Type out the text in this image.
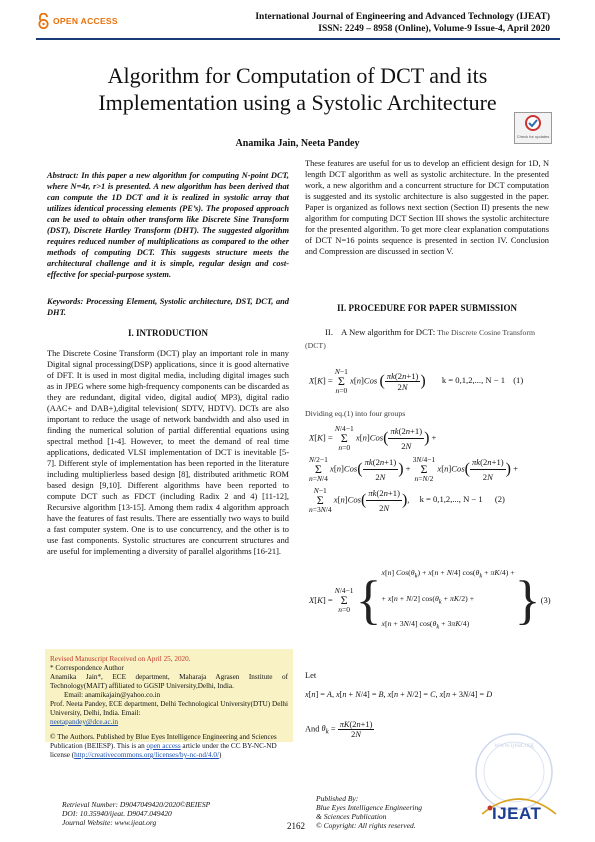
OPEN ACCESS	International Journal of Engineering and Advanced Technology (IJEAT)
ISSN: 2249 – 8958 (Online), Volume-9 Issue-4, April 2020
Algorithm for Computation of DCT and its
Implementation using a Systolic Architecture
Check for updates
Anamika Jain, Neeta Pandey
Abstract: In this paper a new algorithm for computing N-point DCT, where N=4r, r>1 is presented. A new algorithm has been derived that can compute the 1D DCT and it is realized in systolic array that utilizes identical processing elements (PE’s). The proposed approach can be used to obtain other transform like Discrete Sine Transform (DST), Discrete Hartley Transform (DHT). The suggested algorithm requires reduced number of multiplications as compared to the other methods of computing DCT. This suggests structure meets the architectural challenge and it is simple, regular design and cost-effective for special-purpose system.
Keywords: Processing Element, Systolic architecture, DST, DCT, and DHT.
I. INTRODUCTION
The Discrete Cosine Transform (DCT) play an important role in many Digital signal processing(DSP) applications, since it is good alternative of DFT. It is used in most digital media, including digital images such as in JPEG where some high-frequency components can be discarded as they are redundant, digital video, digital audio( MP3), digital radio (AAC+ and DAB+),digital television( SDTV, HDTV). DCTs are also important to reduce the usage of network bandwidth and also used in finding the numerical solution of partial differential equations using spectral method [1-4]. However, to meet the demand of real time applications, dedicated VLSI implementation of DCT is inevitable [5-7]. Different style of implementation has been reported in the literature including multiplierless based design [8], distributed arithmetic ROM based design [9,10]. Different algorithms have been reported to compute DCT such as FDCT (including Radix 2 and 4) [11-12], Recursive algorithm [13-15]. Among them radix 4 algorithm approach have the features of fast results. There are essentially two ways to build a fast computer system. One is to use concurrency, and the other is to use fast components. Systolic structures are concurrent structures and are useful for implementing a diversity of parallel algorithms [16-21].
Revised Manuscript Received on April 25, 2020.
* Correspondence Author
Anamika Jain*, ECE department, Maharaja Agrasen Institute of Technology(MAIT) affiliated to GGSIP University,Delhi, India.
Email: anamikajain@yahoo.co.in
Prof. Neeta Pandey, ECE department, Delhi Technological University(DTU) Delhi University, Delhi, India. Email:
neetapandey@dce.ac.in
© The Authors. Published by Blue Eyes Intelligence Engineering and Sciences Publication (BEIESP). This is an open access article under the CC BY-NC-ND license (http://creativecommons.org/licenses/by-nc-nd/4.0/)
These features are useful for us to develop an efficient design for 1D, N length DCT algorithm as well as systolic architecture. In the presented work, a new algorithm and a concurrent structure for DCT computation is suggested and its systolic architecture is also suggested in the paper. Paper is organized as follows next section (Section II) presents the new algorithm for computing DCT Section III shows the systolic architecture for the presented algorithm. To get more clear explanation computations of DCT N=16 points sequence is presented in section IV. Conclusion and Compression are discussed in section V.
II. PROCEDURE FOR PAPER SUBMISSION
II. A New algorithm for DCT: The Discrete Cosine Transform (DCT)
X[K] = N−1
Σ
n=0 x[n]Cos ( $\frac{\pi k(2n+1)}{2N}$ ) k = 0,1,2,..., N − 1 (1)
Dividing eq.(1) into four groups
X[K] = N/4−1
Σ
n=0 $x[n]Cos( \frac{\pi k(2n+1)}{2N}$ ) +
N/2−1
Σ
n=N/4 $x[n]Cos( \frac{\pi k(2n+1)}{2N}$ ) + 3N/4−1
Σ
n=N/2 $x[n]Cos( \frac{\pi k(2n+1)}{2N}$ ) +
N−1
Σ
n=3N/4 $x[n]Cos( \frac{\pi k(2n+1)}{2N}$ ), k = 0,1,2,..., N − 1 (2)
X[K] =
N/4−1
Σ
n=0 { x[n] $Cos(\theta_k) + x[n + N/4] \cos(\theta_k + \pi K/4)$ +
+ x[n + N/2] $\cos(\theta_k + \pi K/2)$ +
x[n + 3N/4] $\cos(\theta_k + 3\pi K/4)$ } (3)
Let
x[n] = A, x[n + N/4] = B, x[n + N/2] = C, x[n + 3N/4] = D
And $\theta_k = \frac{\pi K(2n+1)}{2N}$
www.ijeat.org
Retrieval Number: D9047049420/2020©BEIESP
DOI: 10.35940/ijeat. D9047.049420
Journal Website: www.ijeat.org	2162
Published By:
Blue Eyes Intelligence Engineering
& Sciences Publication
© Copyright: All rights reserved.
IJEAT
